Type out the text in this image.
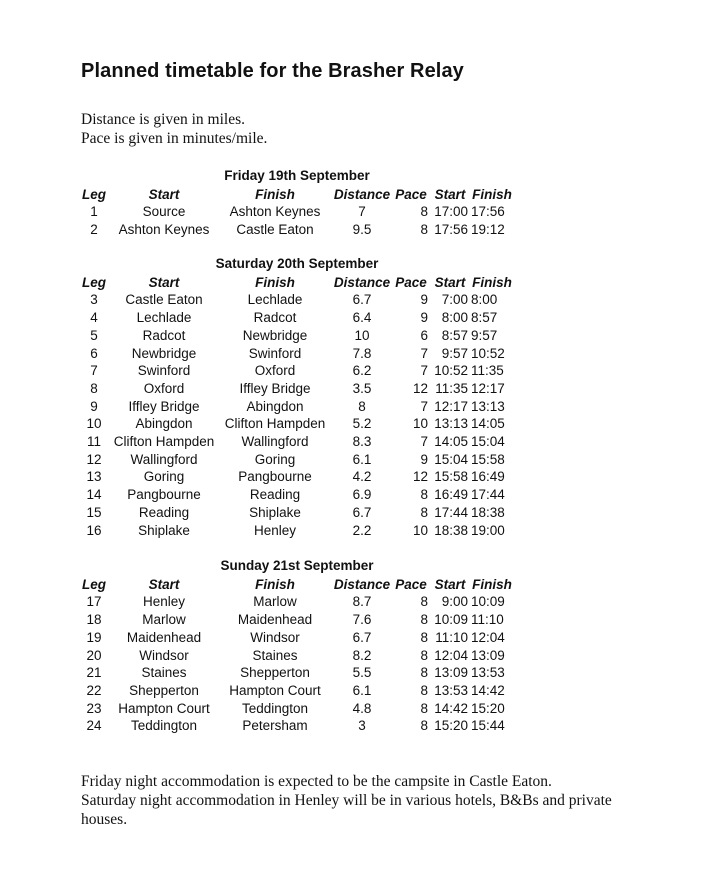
Planned timetable for the Brasher Relay
Distance is given in miles.
Pace is given in minutes/mile.
Friday 19th September
Leg	Start	Finish	Distance Pace Start Finish
1	Source	Ashton Keynes	7	8 17:00 17:56
2	Ashton Keynes	Castle Eaton	9.5	8 17:56 19:12
Saturday 20th September
Leg	Start	Finish	Distance Pace Start Finish
3	Castle Eaton	Lechlade	6.7	9	7:00 8:00
4	Lechlade	Radcot	6.4	9	8:00 8:57
5	Radcot	Newbridge	10	6	8:57 9:57
6	Newbridge	Swinford	7.8	7	9:57 10:52
7	Swinford	Oxford	6.2	7 10:52 11:35
8	Oxford	Iffley Bridge	3.5	12 11:35 12:17
9	Iffley Bridge	Abingdon	8	7 12:17 13:13
10	Abingdon	Clifton Hampden	5.2	10 13:13 14:05
11 Clifton Hampden	Wallingford	8.3	7 14:05 15:04
12	Wallingford	Goring	6.1	9 15:04 15:58
13	Goring	Pangbourne	4.2	12 15:58 16:49
14	Pangbourne	Reading	6.9	8 16:49 17:44
15	Reading	Shiplake	6.7	8 17:44 18:38
16	Shiplake	Henley	2.2	10 18:38 19:00
Sunday 21st September
Leg	Start	Finish	Distance Pace Start Finish
17	Henley	Marlow	8.7	8	9:00 10:09
18	Marlow	Maidenhead	7.6	8 10:09 11:10
19	Maidenhead	Windsor	6.7	8 11:10 12:04
20	Windsor	Staines	8.2	8 12:04 13:09
21	Staines	Shepperton	5.5	8 13:09 13:53
22	Shepperton	Hampton Court	6.1	8 13:53 14:42
23	Hampton Court	Teddington	4.8	8 14:42 15:20
24	Teddington	Petersham	3	8 15:20 15:44
Friday night accommodation is expected to be the campsite in Castle Eaton.
Saturday night accommodation in Henley will be in various hotels, B&Bs and private
houses.
